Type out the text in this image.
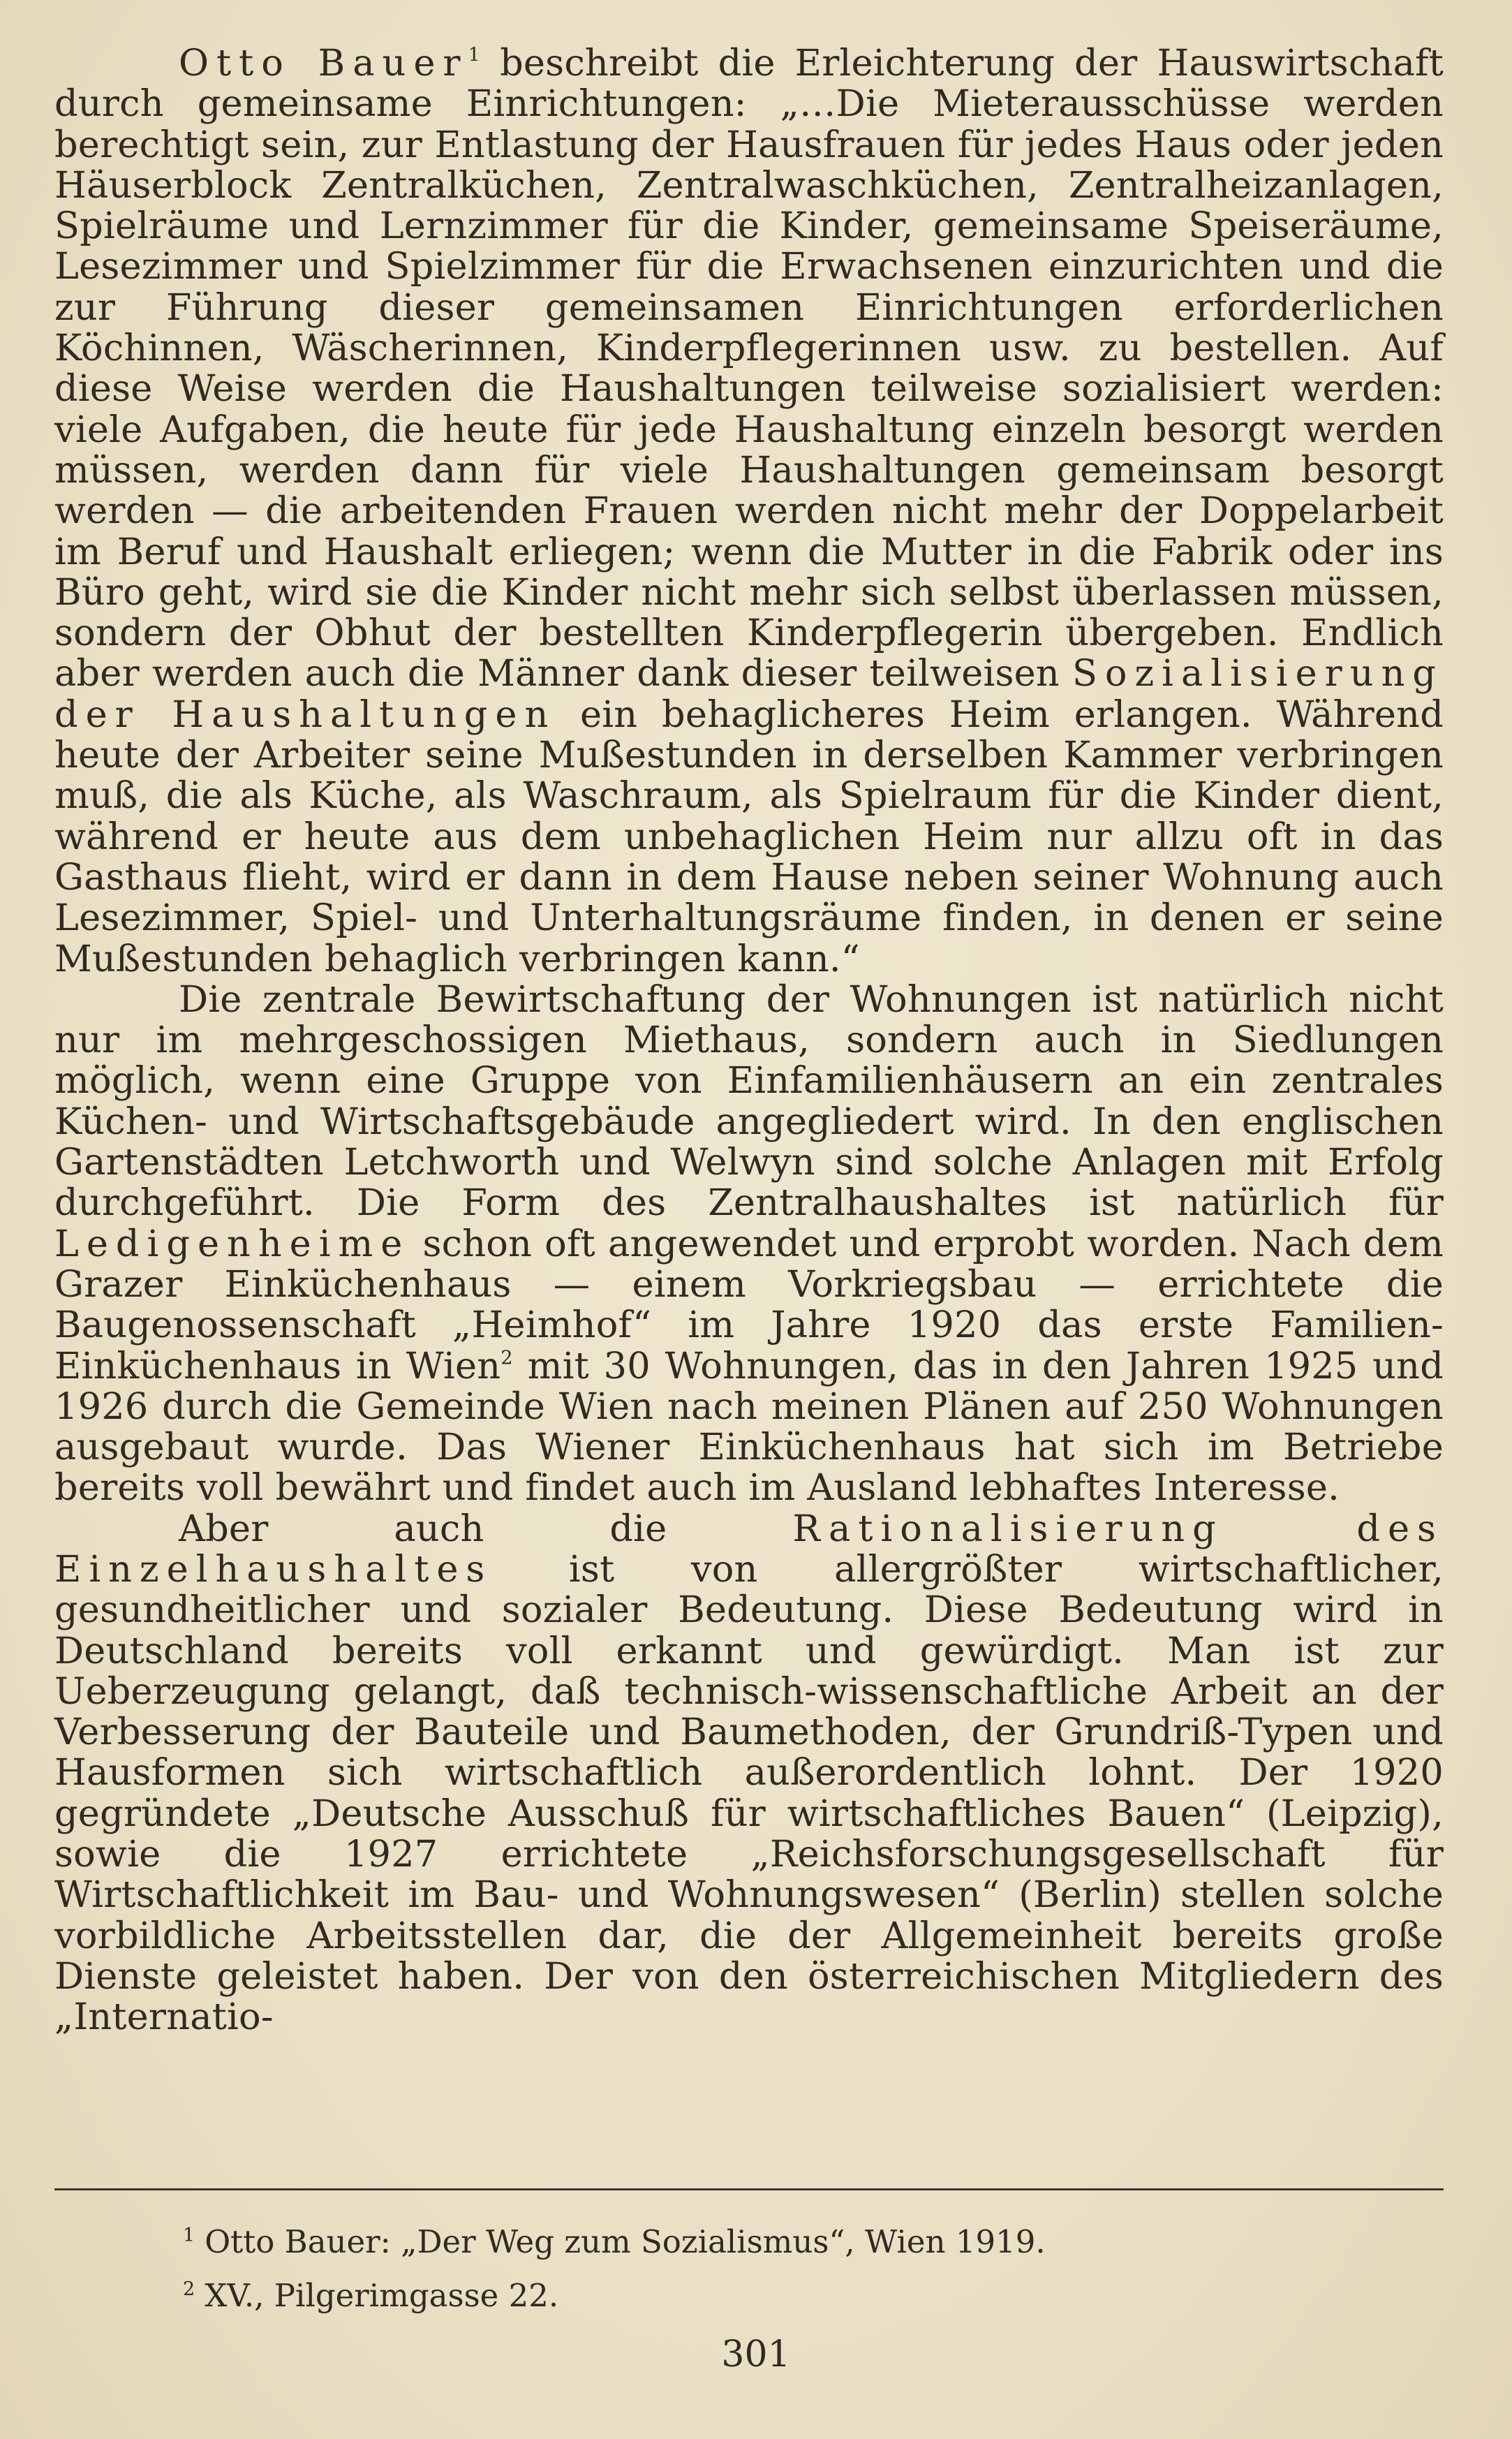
Otto Bauer$^1$ beschreibt die Erleichterung der Hauswirtschaft durch gemeinsame Einrichtungen: „…Die Mieterausschüsse werden berechtigt sein, zur Entlastung der Hausfrauen für jedes Haus oder jeden Häuserblock Zentralküchen, Zentralwaschküchen, Zentralheizanlagen, Spielräume und Lernzimmer für die Kinder, gemeinsame Speiseräume, Lesezimmer und Spielzimmer für die Erwachsenen einzurichten und die zur Führung dieser gemeinsamen Einrichtungen erforderlichen Köchinnen, Wäscherinnen, Kinderpflegerinnen usw. zu bestellen. Auf diese Weise werden die Haushaltungen teilweise sozialisiert werden: viele Aufgaben, die heute für jede Haushaltung einzeln besorgt werden müssen, werden dann für viele Haushaltungen gemeinsam besorgt werden — die arbeitenden Frauen werden nicht mehr der Doppelarbeit im Beruf und Haushalt erliegen; wenn die Mutter in die Fabrik oder ins Büro geht, wird sie die Kinder nicht mehr sich selbst überlassen müssen, sondern der Obhut der bestellten Kinderpflegerin übergeben. Endlich aber werden auch die Männer dank dieser teilweisen Sozialisierung der Haushaltungen ein behaglicheres Heim erlangen. Während heute der Arbeiter seine Mußestunden in derselben Kammer verbringen muß, die als Küche, als Waschraum, als Spielraum für die Kinder dient, während er heute aus dem unbehaglichen Heim nur allzu oft in das Gasthaus flieht, wird er dann in dem Hause neben seiner Wohnung auch Lesezimmer, Spiel- und Unterhaltungsräume finden, in denen er seine Mußestunden behaglich verbringen kann.“

Die zentrale Bewirtschaftung der Wohnungen ist natürlich nicht nur im mehrgeschossigen Miethaus, sondern auch in Siedlungen möglich, wenn eine Gruppe von Einfamilienhäusern an ein zentrales Küchen- und Wirtschaftsgebäude angegliedert wird. In den englischen Gartenstädten Letchworth und Welwyn sind solche Anlagen mit Erfolg durchgeführt. Die Form des Zentralhaushaltes ist natürlich für Ledigenheime schon oft angewendet und erprobt worden. Nach dem Grazer Einküchenhaus — einem Vorkriegsbau — errichtete die Baugenossenschaft „Heimhof“ im Jahre 1920 das erste Familien-Einküchenhaus in Wien$^2$ mit 30 Wohnungen, das in den Jahren 1925 und 1926 durch die Gemeinde Wien nach meinen Plänen auf 250 Wohnungen ausgebaut wurde. Das Wiener Einküchenhaus hat sich im Betriebe bereits voll bewährt und findet auch im Ausland lebhaftes Interesse.

Aber auch die Rationalisierung des Einzelhaushaltes ist von allergrößter wirtschaftlicher, gesundheitlicher und sozialer Bedeutung. Diese Bedeutung wird in Deutschland bereits voll erkannt und gewürdigt. Man ist zur Ueberzeugung gelangt, daß technisch-wissenschaftliche Arbeit an der Verbesserung der Bauteile und Baumethoden, der Grundriß-Typen und Hausformen sich wirtschaftlich außerordentlich lohnt. Der 1920 gegründete „Deutsche Ausschuß für wirtschaftliches Bauen“ (Leipzig), sowie die 1927 errichtete „Reichsforschungsgesellschaft für Wirtschaftlichkeit im Bau- und Wohnungswesen“ (Berlin) stellen solche vorbildliche Arbeitsstellen dar, die der Allgemeinheit bereits große Dienste geleistet haben. Der von den österreichischen Mitgliedern des „Internatio-

$^1$ Otto Bauer: „Der Weg zum Sozialismus“, Wien 1919.
$^2$ XV., Pilgerimgasse 22.
301
